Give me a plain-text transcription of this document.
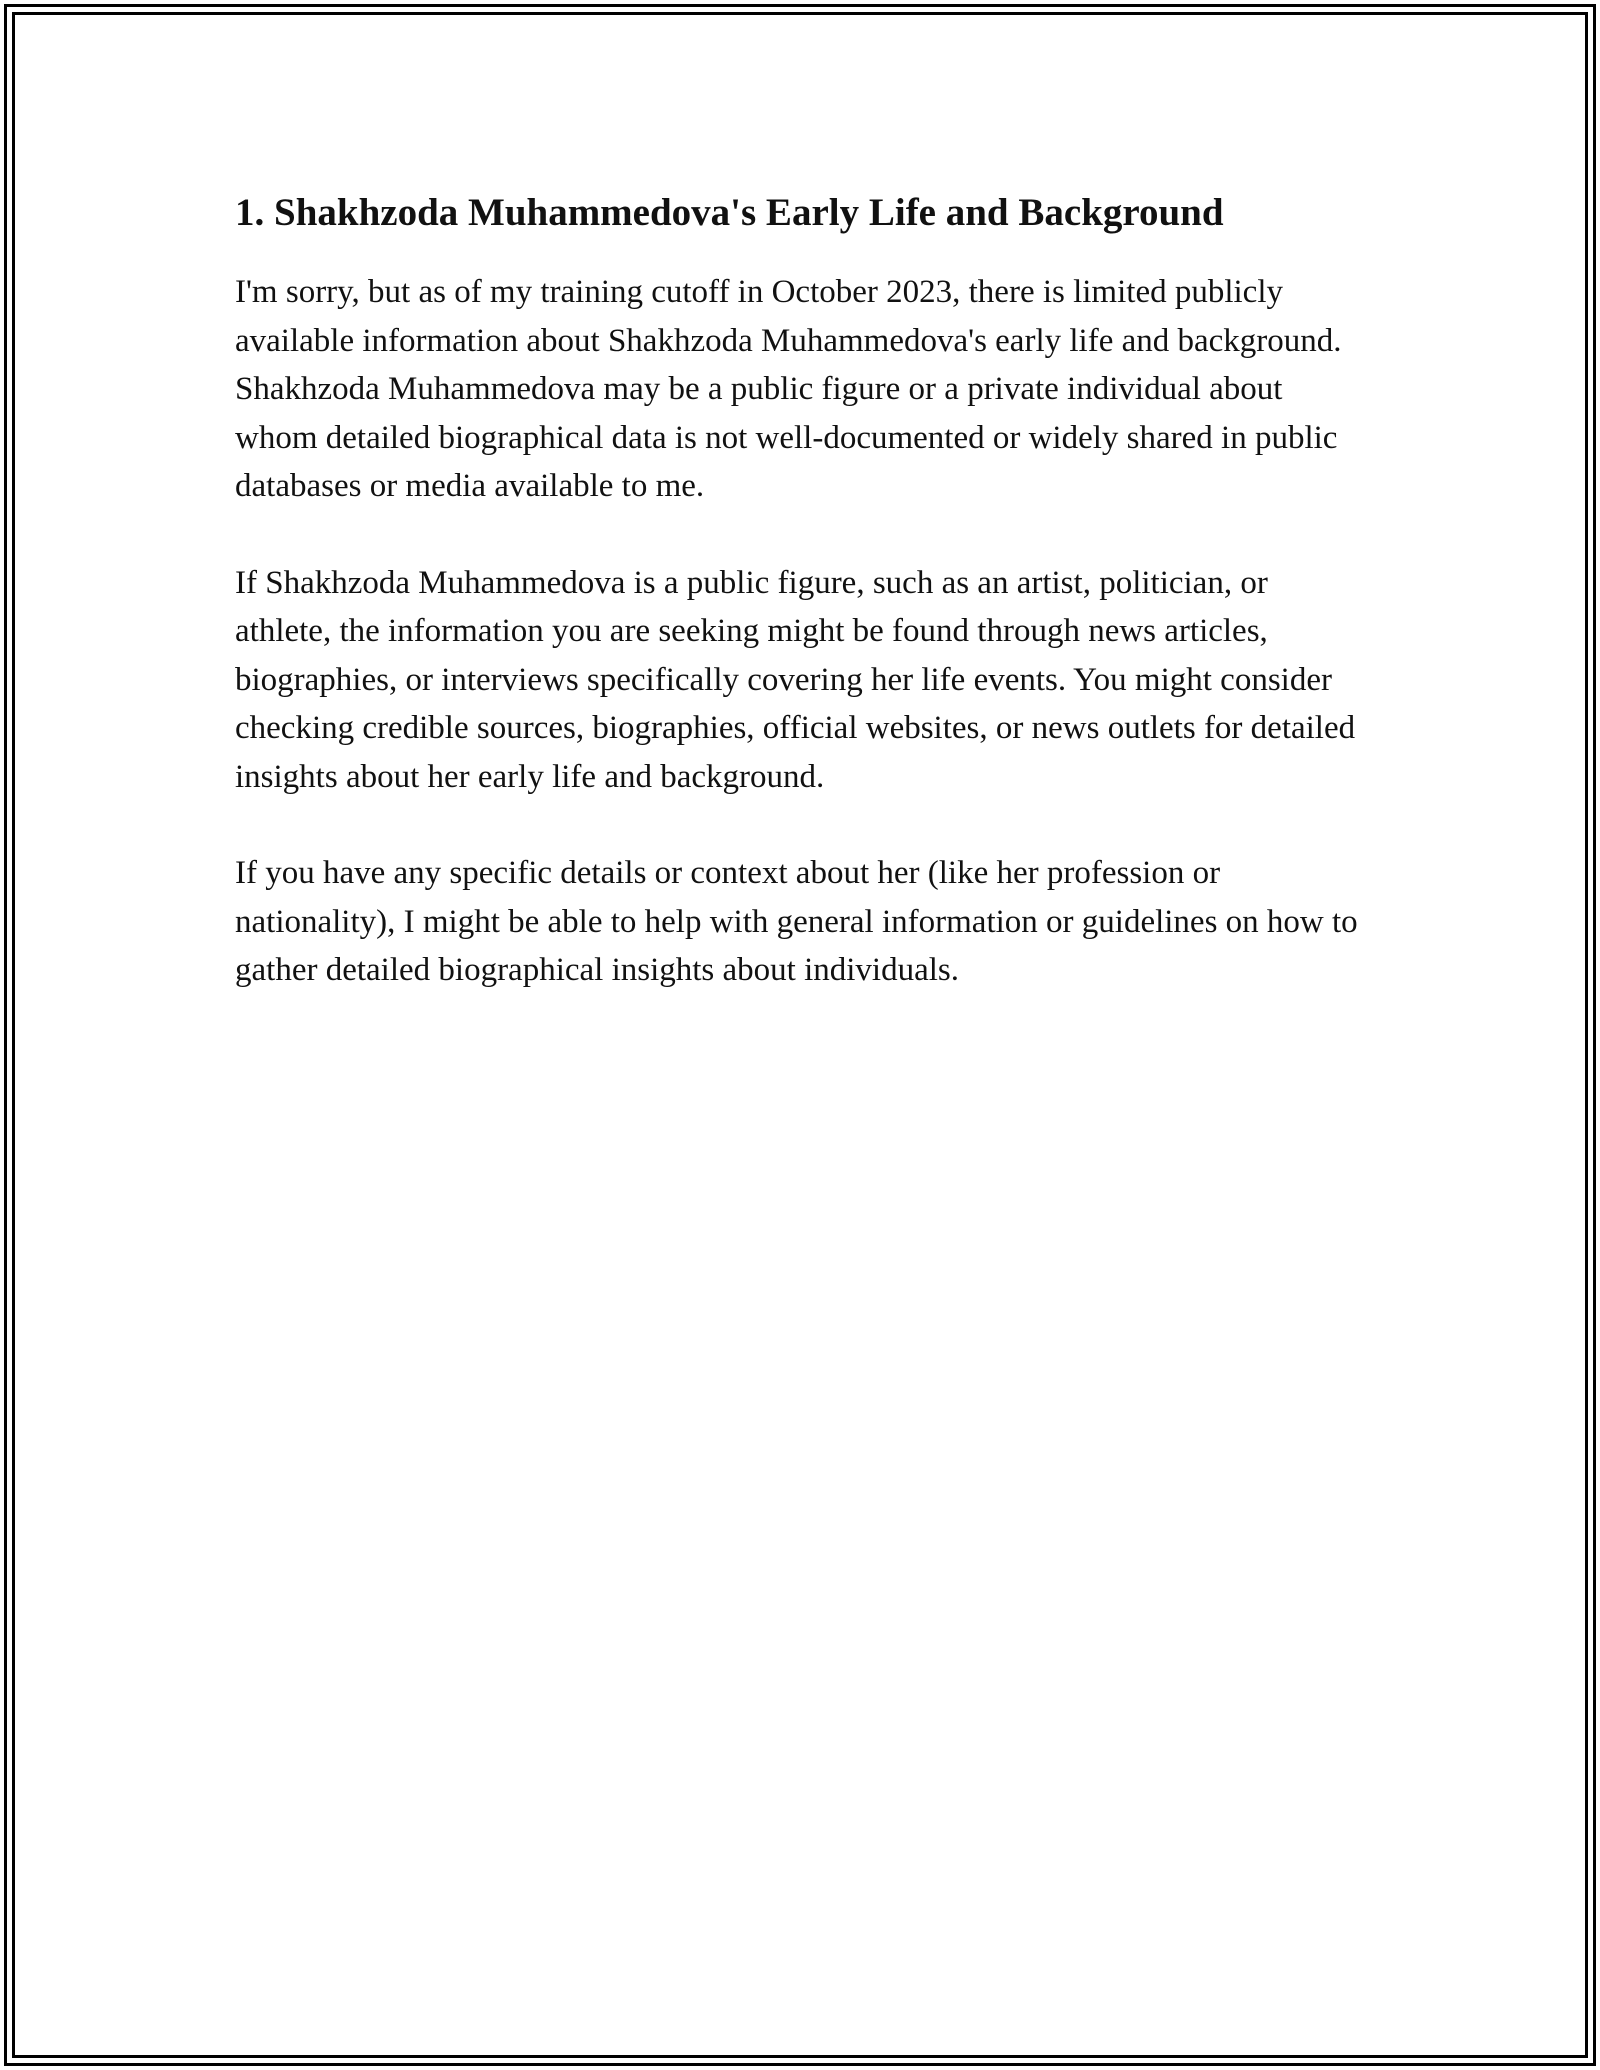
1. Shakhzoda Muhammedova's Early Life and Background

I'm sorry, but as of my training cutoff in October 2023, there is limited publicly available information about Shakhzoda Muhammedova's early life and background. Shakhzoda Muhammedova may be a public figure or a private individual about whom detailed biographical data is not well-documented or widely shared in public databases or media available to me.

If Shakhzoda Muhammedova is a public figure, such as an artist, politician, or athlete, the information you are seeking might be found through news articles, biographies, or interviews specifically covering her life events. You might consider checking credible sources, biographies, official websites, or news outlets for detailed insights about her early life and background.

If you have any specific details or context about her (like her profession or nationality), I might be able to help with general information or guidelines on how to gather detailed biographical insights about individuals.
